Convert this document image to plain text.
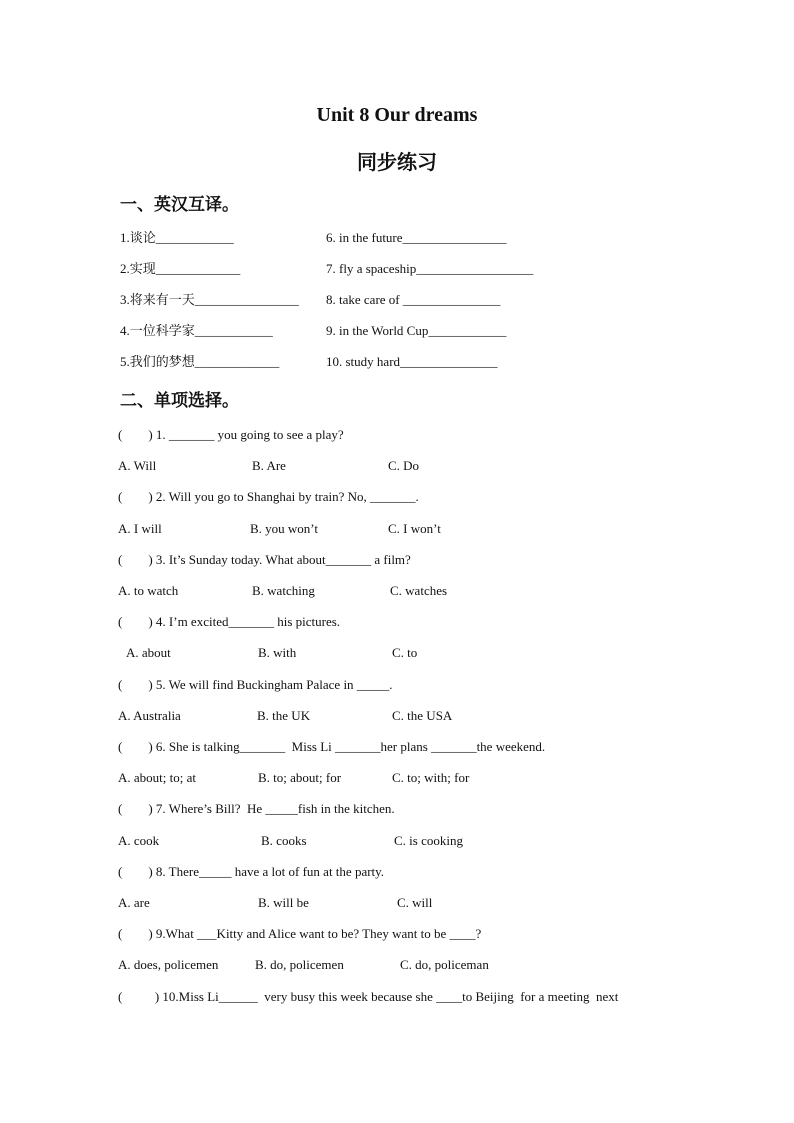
Unit 8 Our dreams
同步练习
一、英汉互译。
1.谈论____________	6. in the future________________
2.实现_____________	7. fly a spaceship__________________
3.将来有一天________________ 8. take care of _______________
4.一位科学家____________	9. in the World Cup____________
5.我们的梦想_____________	10. study hard_______________
二、单项选择。
(        ) 1. _______ you going to see a play?
A. Will	B. Are	C. Do
(        ) 2. Will you go to Shanghai by train? No, _______.
A. I will	B. you won’t	C. I won’t
(        ) 3. It’s Sunday today. What about_______ a film?
A. to watch	B. watching	C. watches
(        ) 4. I’m excited_______ his pictures.
A. about	B. with	C. to
(        ) 5. We will find Buckingham Palace in _____.
A. Australia	B. the UK	C. the USA
(        ) 6. She is talking_______  Miss Li _______her plans _______the weekend.
A. about; to; at	B. to; about; for	C. to; with; for
(        ) 7. Where’s Bill?  He _____fish in the kitchen.
A. cook	B. cooks	C. is cooking
(        ) 8. There_____ have a lot of fun at the party.
A. are	B. will be	C. will
(        ) 9.What ___Kitty and Alice want to be? They want to be ____?
A. does, policemen	B. do, policemen	C. do, policeman
(          ) 10.Miss Li______  very busy this week because she ____to Beijing  for a meeting  next
